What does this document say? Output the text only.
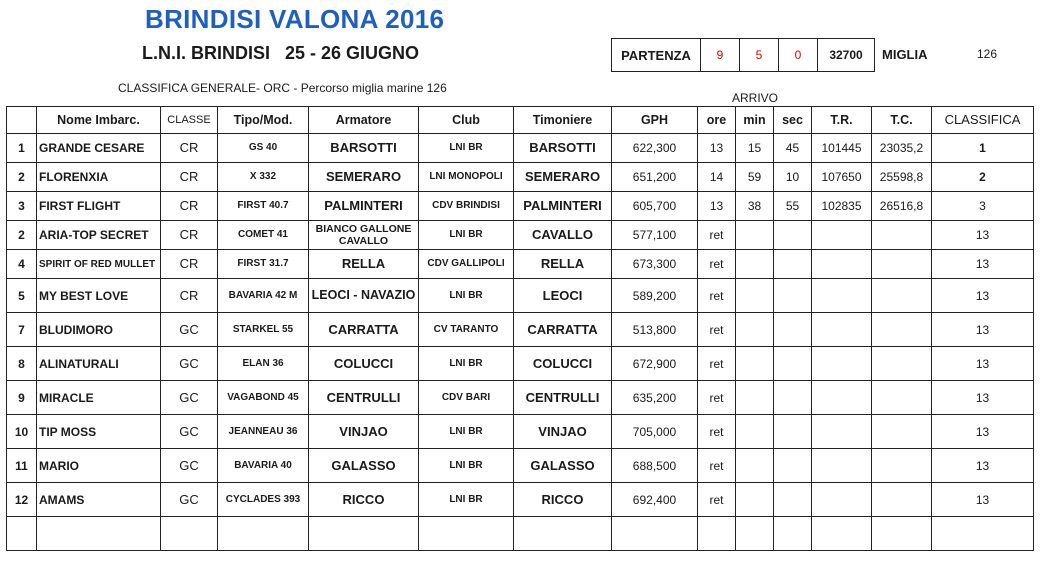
BRINDISI VALONA 2016
L.N.I. BRINDISI   25 - 26 GIUGNO
CLASSIFICA GENERALE- ORC - Percorso miglia marine 126
ARRIVO
PARTENZA	9	5	0	32700 MIGLIA	126
	Nome Imbarc.	CLASSE	Tipo/Mod.	Armatore	Club	Timoniere	GPH	ore	min	sec	T.R.	T.C.	CLASSIFICA
1	GRANDE CESARE	CR	GS 40	BARSOTTI	LNI BR	BARSOTTI	622,300	13	15	45	101445	23035,2	1
2	FLORENXIA	CR	X 332	SEMERARO	LNI MONOPOLI	SEMERARO	651,200	14	59	10	107650	25598,8	2
3	FIRST FLIGHT	CR	FIRST 40.7	PALMINTERI	CDV BRINDISI	PALMINTERI	605,700	13	38	55	102835	26516,8	3
2	ARIA-TOP SECRET	CR	COMET 41	BIANCO GALLONE CAVALLO	LNI BR	CAVALLO	577,100	ret					13
4	SPIRIT OF RED MULLET	CR	FIRST 31.7	RELLA	CDV GALLIPOLI	RELLA	673,300	ret					13
5	MY BEST LOVE	CR	BAVARIA 42 M	LEOCI - NAVAZIO	LNI BR	LEOCI	589,200	ret					13
7	BLUDIMORO	GC	STARKEL 55	CARRATTA	CV TARANTO	CARRATTA	513,800	ret					13
8	ALINATURALI	GC	ELAN 36	COLUCCI	LNI BR	COLUCCI	672,900	ret					13
9	MIRACLE	GC	VAGABOND 45	CENTRULLI	CDV BARI	CENTRULLI	635,200	ret					13
10	TIP MOSS	GC	JEANNEAU 36	VINJAO	LNI BR	VINJAO	705,000	ret					13
11	MARIO	GC	BAVARIA 40	GALASSO	LNI BR	GALASSO	688,500	ret					13
12	AMAMS	GC	CYCLADES 393	RICCO	LNI BR	RICCO	692,400	ret					13
